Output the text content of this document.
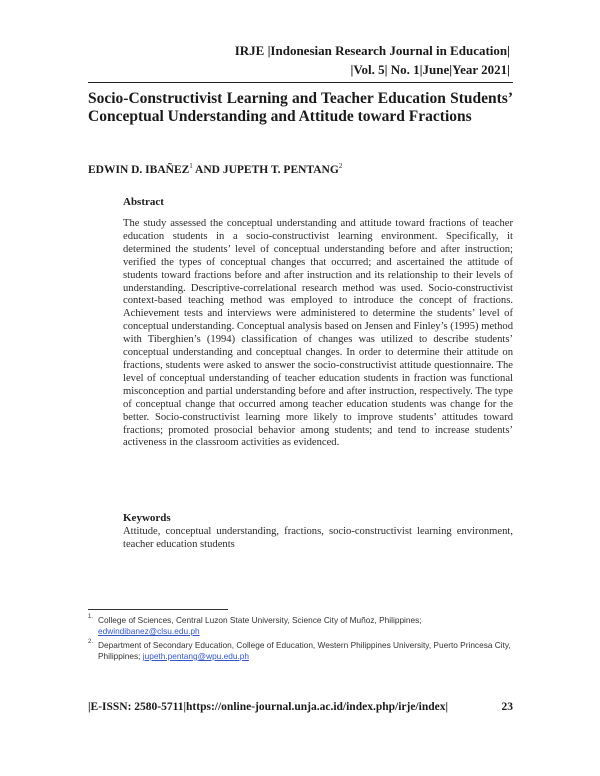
IRJE |Indonesian Research Journal in Education|
|Vol. 5| No. 1|June|Year 2021|
Socio-Constructivist Learning and Teacher Education Students’ Conceptual Understanding and Attitude toward Fractions
EDWIN D. IBAÑEZ$^1$ AND JUPETH T. PENTANG$^2$
Abstract
The study assessed the conceptual understanding and attitude toward fractions of teacher education students in a socio-constructivist learning environment. Specifically, it determined the students’ level of conceptual understanding before and after instruction; verified the types of conceptual changes that occurred; and ascertained the attitude of students toward fractions before and after instruction and its relationship to their levels of understanding. Descriptive-correlational research method was used. Socio-constructivist context-based teaching method was employed to introduce the concept of fractions. Achievement tests and interviews were administered to determine the students’ level of conceptual understanding. Conceptual analysis based on Jensen and Finley’s (1995) method with Tiberghien’s (1994) classification of changes was utilized to describe students’ conceptual understanding and conceptual changes. In order to determine their attitude on fractions, students were asked to answer the socio-constructivist attitude questionnaire. The level of conceptual understanding of teacher education students in fraction was functional misconception and partial understanding before and after instruction, respectively. The type of conceptual change that occurred among teacher education students was change for the better. Socio-constructivist learning more likely to improve students’ attitudes toward fractions; promoted prosocial behavior among students; and tend to increase students’ activeness in the classroom activities as evidenced.
Keywords
Attitude, conceptual understanding, fractions, socio-constructivist learning environment, teacher education students
1. College of Sciences, Central Luzon State University, Science City of Muñoz, Philippines; edwindibanez@clsu.edu.ph
2. Department of Secondary Education, College of Education, Western Philippines University, Puerto Princesa City, Philippines; jupeth.pentang@wpu.edu.ph
|E-ISSN: 2580-5711|https://online-journal.unja.ac.id/index.php/irje/index|	23
